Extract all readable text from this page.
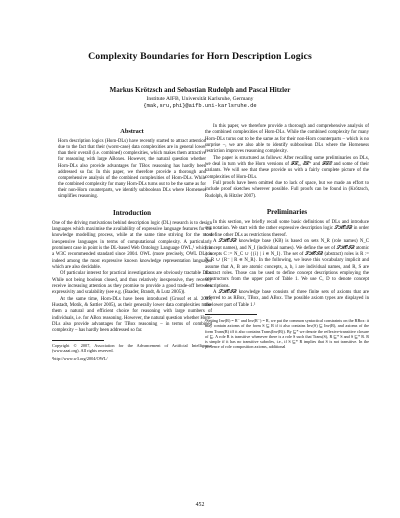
Complexity Boundaries for Horn Description Logics
Markus Krötzsch and Sebastian Rudolph and Pascal Hitzler
Institute AIFB, Universität Karlsruhe, Germany
{mak,sru,phi}@aifb.uni-karlsruhe.de
Abstract

Horn description logics (Horn-DLs) have recently started to attract attention due to the fact that their (worst-case) data complexities are in general lower than their overall (i.e. combined) complexities, which makes them attractive for reasoning with large ABoxes. However, the natural question whether Horn-DLs also provide advantages for TBox reasoning has hardly been addressed so far. In this paper, we therefore provide a thorough and comprehensive analysis of the combined complexities of Horn-DLs. While the combined complexity for many Horn-DLs turns out to be the same as for their non-Horn counterparts, we identify subboolean DLs where Horneness simplifies reasoning.

Introduction

One of the driving motivations behind description logic (DL) research is to design languages which maximise the availability of expressive language features for the knowledge modelling process, while at the same time striving for the most inexpensive languages in terms of computational complexity. A particularly prominent case in point is the DL-based Web Ontology Language OWL,¹ which is a W3C recommended standard since 2004. OWL (more precisely, OWL DL) is indeed among the most expressive known knowledge representation languages which are also decidable.

Of particular interest for practical investigations are obviously tractable DLs. While not being boolean closed, and thus relatively inexpensive, they recently receive increasing attention as they promise to provide a good trade-off between expressivity and scalability (see e.g. (Baader, Brandt, & Lutz 2005)).

At the same time, Horn-DLs have been introduced (Grosof et al. 2003; Hustadt, Motik, & Sattler 2005), as their generally lower data complexities make them a natural and efficient choice for reasoning with large numbers of individuals, i.e. for ABox reasoning. However, the natural question whether Horn-DLs also provide advantages for TBox reasoning – in terms of combined complexity – has hardly been addressed so far.

Copyright © 2007, Association for the Advancement of Artificial Intelligence (www.aaai.org). All rights reserved.
¹http://www.w3.org/2004/OWL/

In this paper, we therefore provide a thorough and comprehensive analysis of the combined complexities of Horn-DLs. While the combined complexity for many Horn-DLs turns out to be the same as for their non-Horn counterparts – which is no surprise –, we are also able to identify subboolean DLs where the Horneness restriction improves reasoning complexity.

The paper is structured as follows: After recalling some preliminaries on DLs, we deal in turn with the Horn versions of 𝓕𝓛₀, 𝓔𝓛⁺ and 𝓕𝓛𝓔 and some of their variants. We will see that these provide us with a fairly complete picture of the complexities of Horn-DLs.

Full proofs have been omitted due to lack of space, but we made an effort to include proof sketches wherever possible. Full proofs can be found in (Krötzsch, Rudolph, & Hitzler 2007).

Preliminaries

In this section, we briefly recall some basic definitions of DLs and introduce our notation. We start with the rather expressive description logic 𝓢𝓗𝓞𝓘𝓠 in order to define other DLs as restrictions thereof.

A 𝓢𝓗𝓞𝓘𝓠 knowledge base (KB) is based on sets N_R (role names) N_C (concept names), and N_I (individual names). We define the set of 𝓢𝓗𝓞𝓘𝓠 atomic concepts C := N_C ∪ {{i} | i ∈ N_I}. The set of 𝓢𝓗𝓞𝓘𝓠 (abstract) roles is R := N_R ∪ {R⁻ | R ∈ N_R}. In the following, we leave this vocabulary implicit and assume that A, B are atomic concepts, a, b, i are individual names, and R, S are abstract roles. Those can be used to define concept descriptions employing the constructors from the upper part of Table 1. We use C, D to denote concept descriptions.

A 𝓢𝓗𝓞𝓘𝓠 knowledge base consists of three finite sets of axioms that are referred to as RBox, TBox, and ABox. The possible axiom types are displayed in the lower part of Table 1.²

²Setting Inv(R) = R⁻ and Inv(R⁻) = R, we put the common syntactical constraints on the RBox: it may contain axioms of the form S ⊑ R if it also contains Inv(S) ⊑ Inv(R), and axioms of the form Trans(R) iff it also contains Trans(Inv(R)). By ⊑* we denote the reflexive-transitive closure of ⊑. A role R is transitive whenever there is a role S such that Trans(S), R ⊑* S and S ⊑* R. R is simple if it has no transitive subroles, i.e., if S ⊑* R implies that S is not transitive. In the presence of role composition axioms, additional

452
